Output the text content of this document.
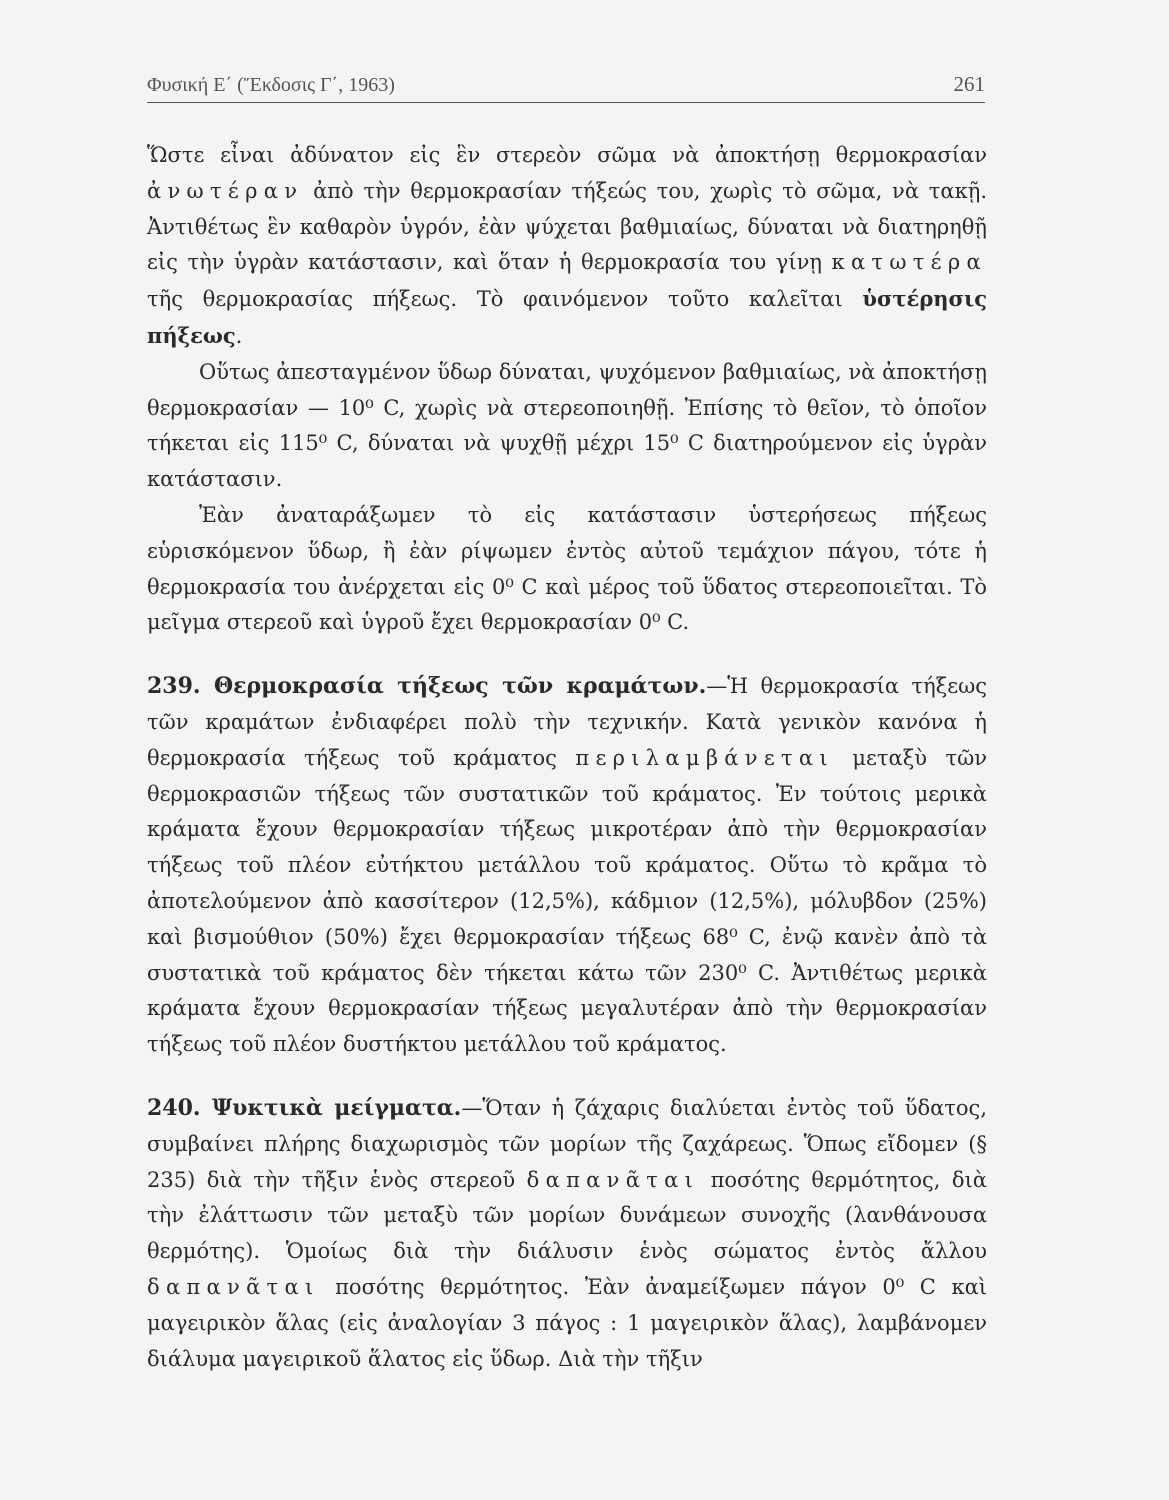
Φυσική Ε΄ (Ἔκδοσις Γ΄, 1963)	261

Ὥστε εἶναι ἀδύνατον εἰς ἓν στερεὸν σῶμα νὰ ἀποκτήσῃ θερμοκρασίαν ἀνωτέραν ἀπὸ τὴν θερμοκρασίαν τήξεώς του, χωρὶς τὸ σῶμα, νὰ τακῇ. Ἀντιθέτως ἓν καθαρὸν ὑγρόν, ἐὰν ψύχεται βαθμιαίως, δύναται νὰ διατηρηθῇ εἰς τὴν ὑγρὰν κατάστασιν, καὶ ὅταν ἡ θερμοκρασία του γίνῃ κατωτέρα τῆς θερμοκρασίας πήξεως. Τὸ φαινόμενον τοῦτο καλεῖται ὑστέρησις πήξεως.

Οὕτως ἀπεσταγμένον ὕδωρ δύναται, ψυχόμενον βαθμιαίως, νὰ ἀποκτήσῃ θερμοκρασίαν — 10⁰ C, χωρὶς νὰ στερεοποιηθῇ. Ἐπίσης τὸ θεῖον, τὸ ὁποῖον τήκεται εἰς 115⁰ C, δύναται νὰ ψυχθῇ μέχρι 15⁰ C διατηρούμενον εἰς ὑγρὰν κατάστασιν.

Ἐὰν ἀναταράξωμεν τὸ εἰς κατάστασιν ὑστερήσεως πήξεως εὑρισκόμενον ὕδωρ, ἢ ἐὰν ρίψωμεν ἐντὸς αὐτοῦ τεμάχιον πάγου, τότε ἡ θερμοκρασία του ἀνέρχεται εἰς 0⁰ C καὶ μέρος τοῦ ὕδατος στερεοποιεῖται. Τὸ μεῖγμα στερεοῦ καὶ ὑγροῦ ἔχει θερμοκρασίαν 0⁰ C.

239. Θερμοκρασία τήξεως τῶν κραμάτων.—Ἡ θερμοκρασία τήξεως τῶν κραμάτων ἐνδιαφέρει πολὺ τὴν τεχνικήν. Κατὰ γενικὸν κανόνα ἡ θερμοκρασία τήξεως τοῦ κράματος περιλαμβάνεται μεταξὺ τῶν θερμοκρασιῶν τήξεως τῶν συστατικῶν τοῦ κράματος. Ἐν τούτοις μερικὰ κράματα ἔχουν θερμοκρασίαν τήξεως μικροτέραν ἀπὸ τὴν θερμοκρασίαν τήξεως τοῦ πλέον εὐτήκτου μετάλλου τοῦ κράματος. Οὕτω τὸ κρᾶμα τὸ ἀποτελούμενον ἀπὸ κασσίτερον (12,5%), κάδμιον (12,5%), μόλυβδον (25%) καὶ βισμούθιον (50%) ἔχει θερμοκρασίαν τήξεως 68⁰ C, ἐνῷ κανὲν ἀπὸ τὰ συστατικὰ τοῦ κράματος δὲν τήκεται κάτω τῶν 230⁰ C. Ἀντιθέτως μερικὰ κράματα ἔχουν θερμοκρασίαν τήξεως μεγαλυτέραν ἀπὸ τὴν θερμοκρασίαν τήξεως τοῦ πλέον δυστήκτου μετάλλου τοῦ κράματος.

240. Ψυκτικὰ μείγματα.—Ὅταν ἡ ζάχαρις διαλύεται ἐντὸς τοῦ ὕδατος, συμβαίνει πλήρης διαχωρισμὸς τῶν μορίων τῆς ζαχάρεως. Ὅπως εἴδομεν (§ 235) διὰ τὴν τῆξιν ἑνὸς στερεοῦ δαπανᾶται ποσότης θερμότητος, διὰ τὴν ἐλάττωσιν τῶν μεταξὺ τῶν μορίων δυνάμεων συνοχῆς (λανθάνουσα θερμότης). Ὁμοίως διὰ τὴν διάλυσιν ἑνὸς σώματος ἐντὸς ἄλλου δαπανᾶται ποσότης θερμότητος. Ἐὰν ἀναμείξωμεν πάγον 0⁰ C καὶ μαγειρικὸν ἅλας (εἰς ἀναλογίαν 3 πάγος : 1 μαγειρικὸν ἅλας), λαμβάνομεν διάλυμα μαγειρικοῦ ἅλατος εἰς ὕδωρ. Διὰ τὴν τῆξιν
